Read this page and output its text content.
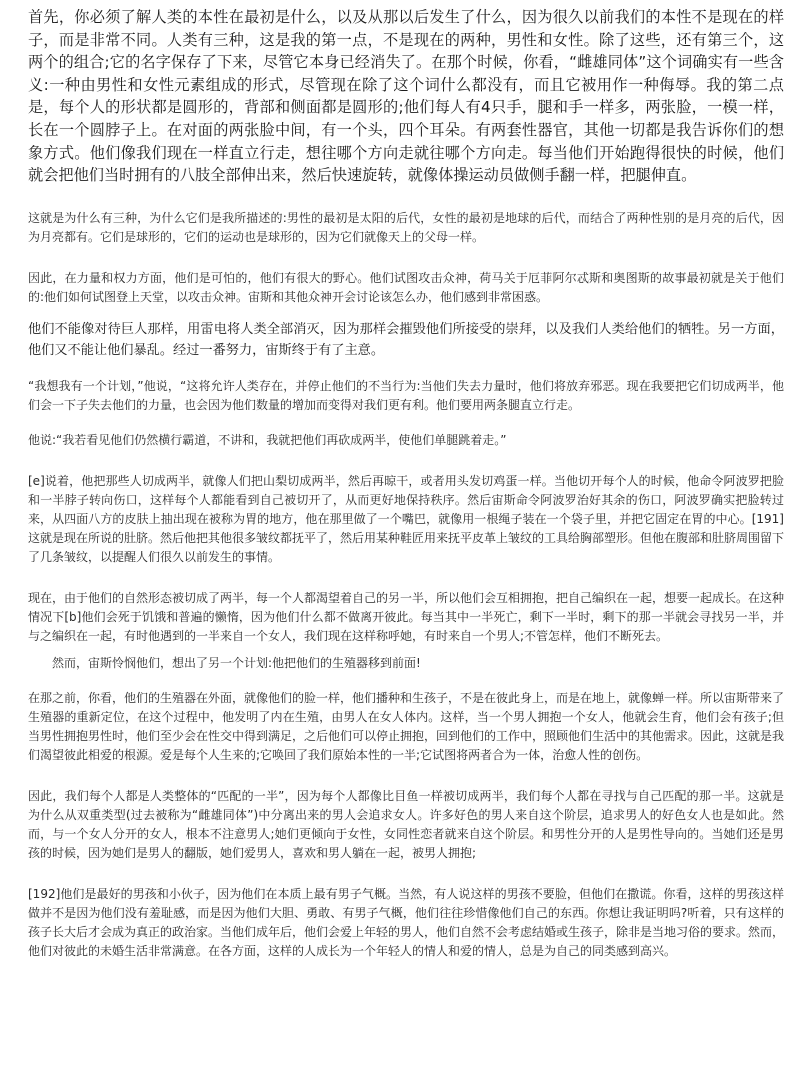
首先，你必须了解人类的本性在最初是什么，以及从那以后发生了什么，因为很久以前我们的本性不是现在的样子，而是非常不同。人类有三种，这是我的第一点，不是现在的两种，男性和女性。除了这些，还有第三个，这两个的组合;它的名字保存了下来，尽管它本身已经消失了。在那个时候，你看，“雌雄同体”这个词确实有一些含义:一种由男性和女性元素组成的形式，尽管现在除了这个词什么都没有，而且它被用作一种侮辱。我的第二点是，每个人的形状都是圆形的，背部和侧面都是圆形的;他们每人有4只手，腿和手一样多，两张脸，一模一样，长在一个圆脖子上。在对面的两张脸中间，有一个头，四个耳朵。有两套性器官，其他一切都是我告诉你们的想象方式。他们像我们现在一样直立行走，想往哪个方向走就往哪个方向走。每当他们开始跑得很快的时候，他们就会把他们当时拥有的八肢全部伸出来，然后快速旋转，就像体操运动员做侧手翻一样，把腿伸直。

这就是为什么有三种，为什么它们是我所描述的:男性的最初是太阳的后代，女性的最初是地球的后代，而结合了两种性别的是月亮的后代，因为月亮都有。它们是球形的，它们的运动也是球形的，因为它们就像天上的父母一样。

因此，在力量和权力方面，他们是可怕的，他们有很大的野心。他们试图攻击众神，荷马关于厄菲阿尔忒斯和奥图斯的故事最初就是关于他们的:他们如何试图登上天堂，以攻击众神。宙斯和其他众神开会讨论该怎么办，他们感到非常困惑。

他们不能像对待巨人那样，用雷电将人类全部消灭，因为那样会摧毁他们所接受的崇拜，以及我们人类给他们的牺牲。另一方面，他们又不能让他们暴乱。经过一番努力，宙斯终于有了主意。

“我想我有一个计划，”他说，“这将允许人类存在，并停止他们的不当行为:当他们失去力量时，他们将放弃邪恶。现在我要把它们切成两半，他们会一下子失去他们的力量，也会因为他们数量的增加而变得对我们更有利。他们要用两条腿直立行走。

他说:“我若看见他们仍然横行霸道，不讲和，我就把他们再砍成两半，使他们单腿跳着走。”

[e]说着，他把那些人切成两半，就像人们把山梨切成两半，然后再晾干，或者用头发切鸡蛋一样。当他切开每个人的时候，他命令阿波罗把脸和一半脖子转向伤口，这样每个人都能看到自己被切开了，从而更好地保持秩序。然后宙斯命令阿波罗治好其余的伤口，阿波罗确实把脸转过来，从四面八方的皮肤上抽出现在被称为胃的地方，他在那里做了一个嘴巴，就像用一根绳子装在一个袋子里，并把它固定在胃的中心。[191]这就是现在所说的肚脐。然后他把其他很多皱纹都抚平了，然后用某种鞋匠用来抚平皮革上皱纹的工具给胸部塑形。但他在腹部和肚脐周围留下了几条皱纹，以提醒人们很久以前发生的事情。

现在，由于他们的自然形态被切成了两半，每一个人都渴望着自己的另一半，所以他们会互相拥抱，把自己编织在一起，想要一起成长。在这种情况下[b]他们会死于饥饿和普遍的懒惰，因为他们什么都不做离开彼此。每当其中一半死亡，剩下一半时，剩下的那一半就会寻找另一半，并与之编织在一起，有时他遇到的一半来自一个女人，我们现在这样称呼她，有时来自一个男人;不管怎样，他们不断死去。

然而，宙斯怜悯他们，想出了另一个计划:他把他们的生殖器移到前面!

在那之前，你看，他们的生殖器在外面，就像他们的脸一样，他们播种和生孩子，不是在彼此身上，而是在地上，就像蝉一样。所以宙斯带来了生殖器的重新定位，在这个过程中，他发明了内在生殖，由男人在女人体内。这样，当一个男人拥抱一个女人，他就会生育，他们会有孩子;但当男性拥抱男性时，他们至少会在性交中得到满足，之后他们可以停止拥抱，回到他们的工作中，照顾他们生活中的其他需求。因此，这就是我们渴望彼此相爱的根源。爱是每个人生来的;它唤回了我们原始本性的一半;它试图将两者合为一体，治愈人性的创伤。

因此，我们每个人都是人类整体的“匹配的一半”，因为每个人都像比目鱼一样被切成两半，我们每个人都在寻找与自己匹配的那一半。这就是为什么从双重类型(过去被称为“雌雄同体”)中分离出来的男人会追求女人。许多好色的男人来自这个阶层，追求男人的好色女人也是如此。然而，与一个女人分开的女人，根本不注意男人;她们更倾向于女性，女同性恋者就来自这个阶层。和男性分开的人是男性导向的。当她们还是男孩的时候，因为她们是男人的翻版，她们爱男人，喜欢和男人躺在一起，被男人拥抱;

[192]他们是最好的男孩和小伙子，因为他们在本质上最有男子气概。当然，有人说这样的男孩不要脸，但他们在撒谎。你看，这样的男孩这样做并不是因为他们没有羞耻感，而是因为他们大胆、勇敢、有男子气概，他们往往珍惜像他们自己的东西。你想让我证明吗?听着，只有这样的孩子长大后才会成为真正的政治家。当他们成年后，他们会爱上年轻的男人，他们自然不会考虑结婚或生孩子，除非是当地习俗的要求。然而，他们对彼此的未婚生活非常满意。在各方面，这样的人成长为一个年轻人的情人和爱的情人，总是为自己的同类感到高兴。
